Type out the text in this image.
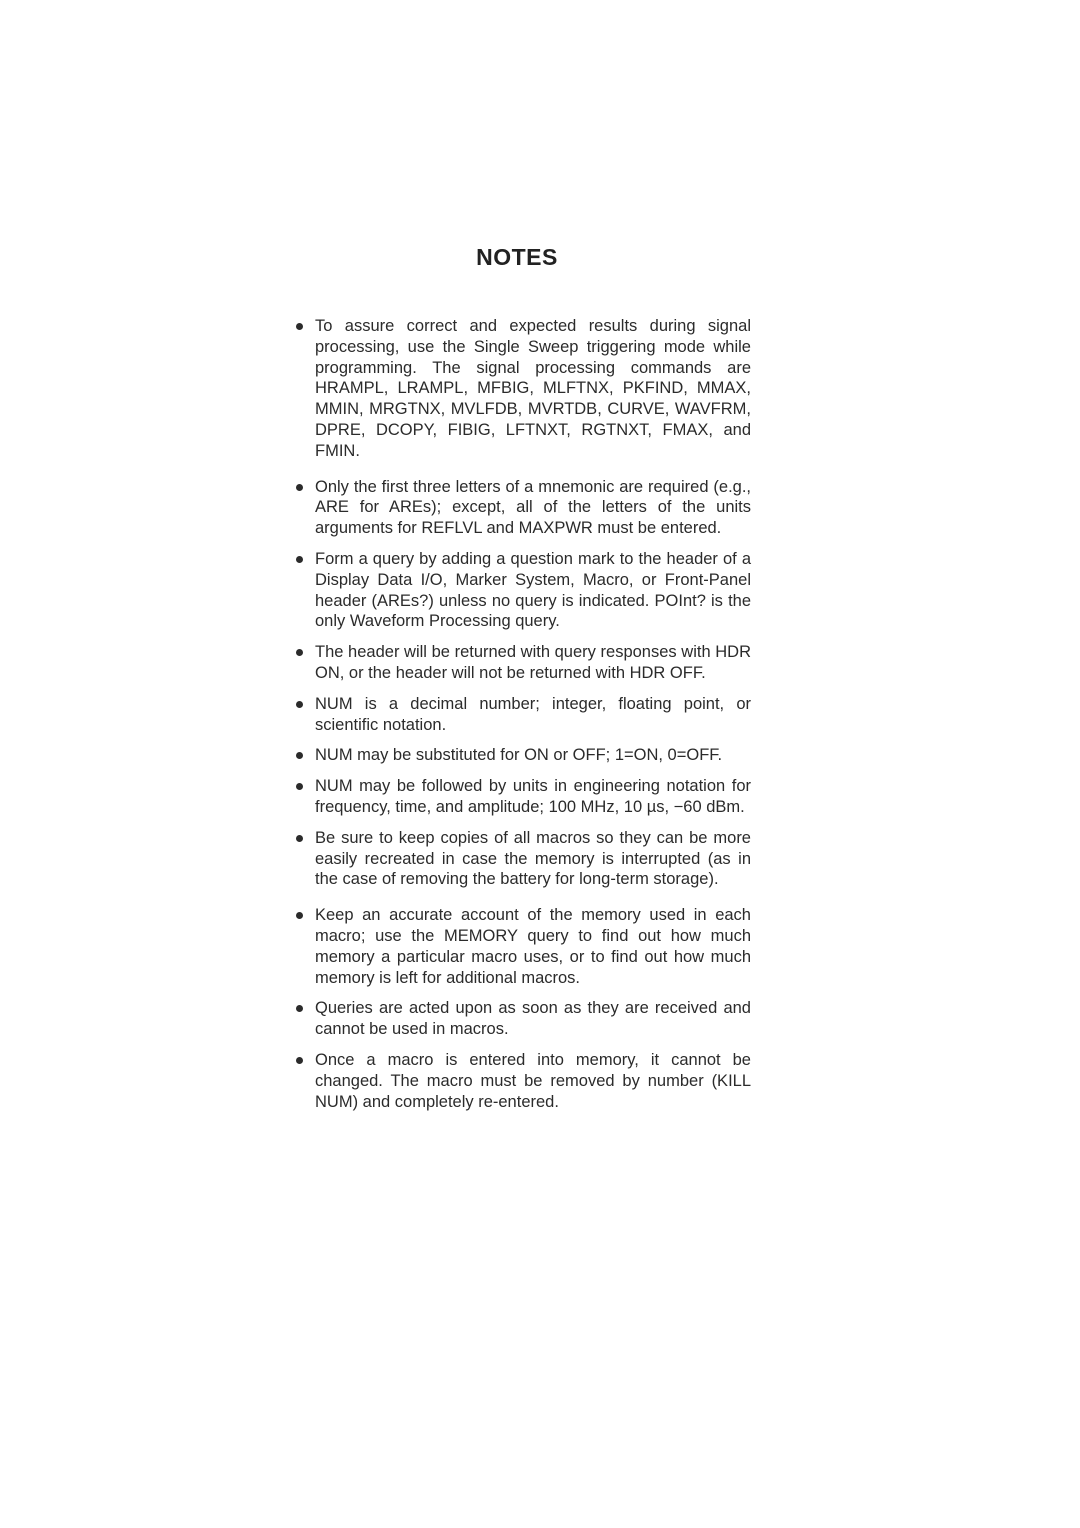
NOTES
To assure correct and expected results during signal processing, use the Single Sweep triggering mode while programming. The signal processing commands are HRAMPL, LRAMPL, MFBIG, MLFTNX, PKFIND, MMAX, MMIN, MRGTNX, MVLFDB, MVRTDB, CURVE, WAVFRM, DPRE, DCOPY, FIBIG, LFTNXT, RGTNXT, FMAX, and FMIN.
Only the first three letters of a mnemonic are required (e.g., ARE for AREs); except, all of the letters of the units arguments for REFLVL and MAXPWR must be entered.
Form a query by adding a question mark to the header of a Display Data I/O, Marker System, Macro, or Front-Panel header (AREs?) unless no query is indicated. POInt? is the only Waveform Processing query.
The header will be returned with query responses with HDR ON, or the header will not be returned with HDR OFF.
NUM is a decimal number; integer, floating point, or scientific notation.
NUM may be substituted for ON or OFF; 1=ON, 0=OFF.
NUM may be followed by units in engineering notation for frequency, time, and amplitude; 100 MHz, 10 µs, −60 dBm.
Be sure to keep copies of all macros so they can be more easily recreated in case the memory is interrupted (as in the case of removing the battery for long-term storage).
Keep an accurate account of the memory used in each macro; use the MEMORY query to find out how much memory a particular macro uses, or to find out how much memory is left for additional macros.
Queries are acted upon as soon as they are received and cannot be used in macros.
Once a macro is entered into memory, it cannot be changed. The macro must be removed by number (KILL NUM) and completely re-entered.
